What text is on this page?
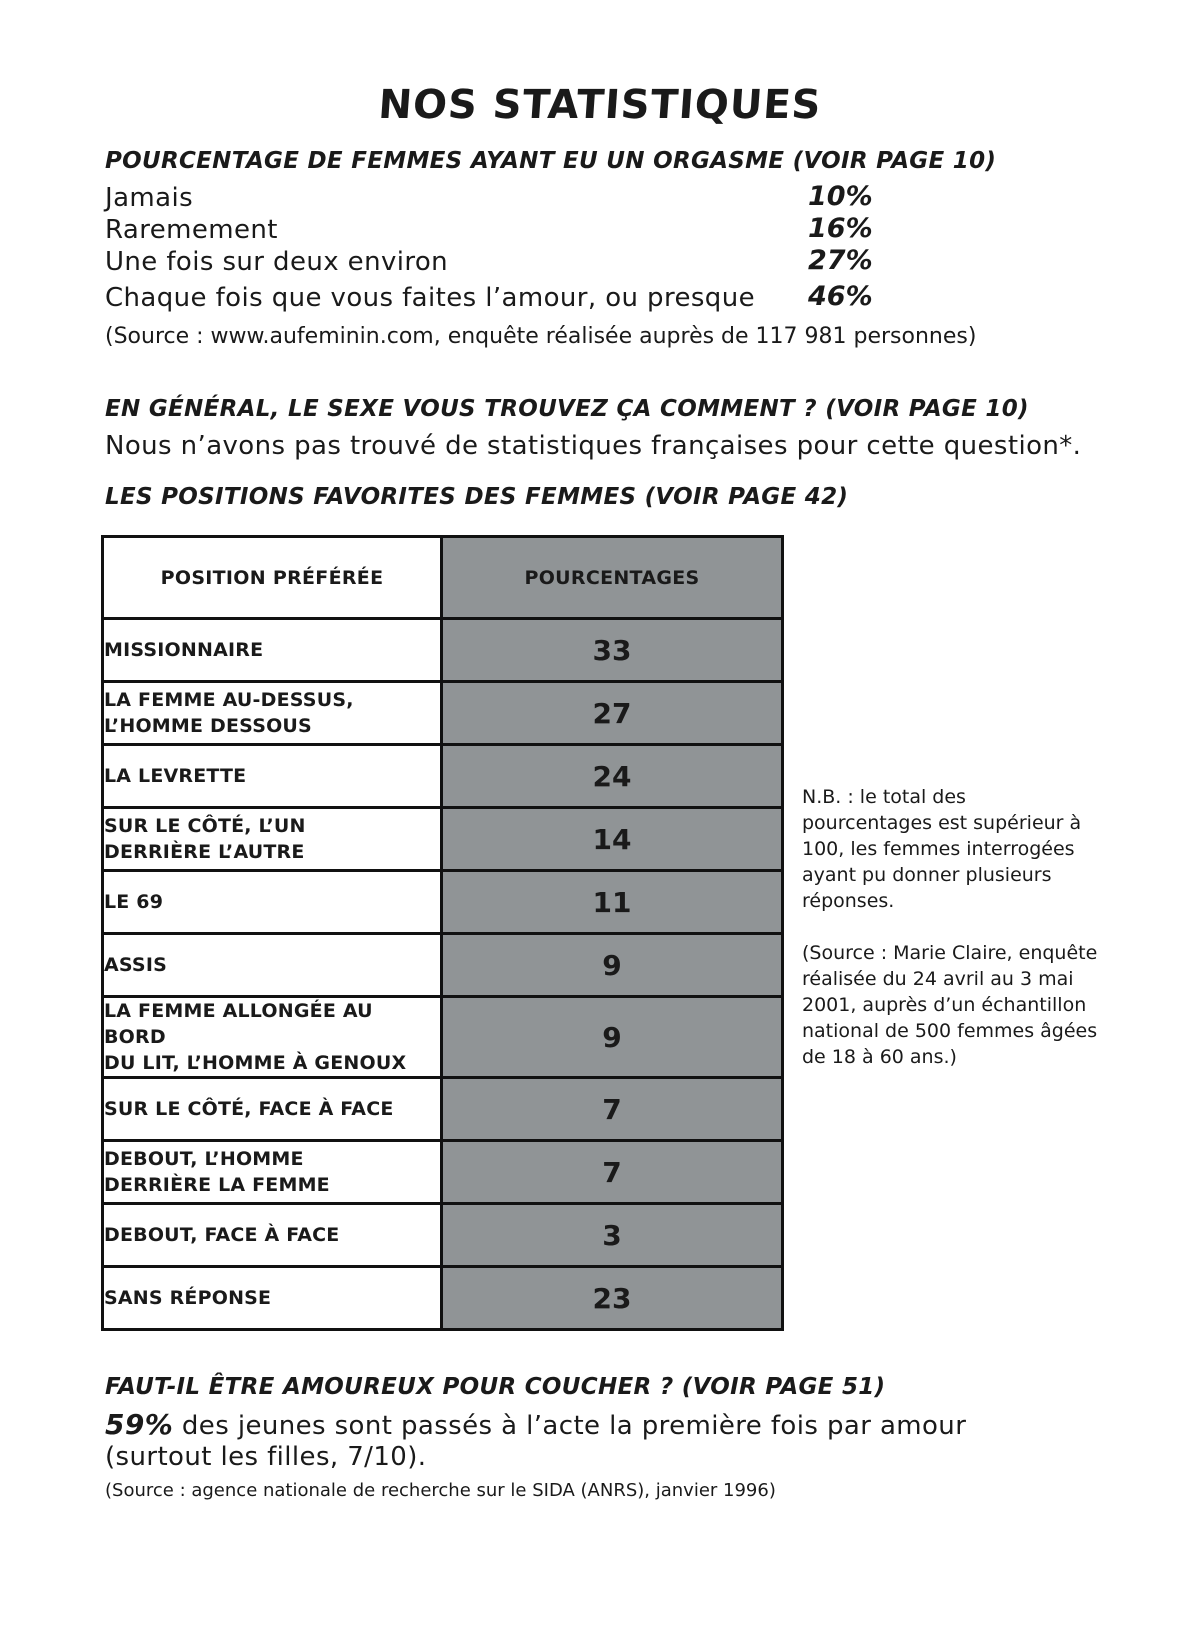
NOS STATISTIQUES
POURCENTAGE DE FEMMES AYANT EU UN ORGASME (VOIR PAGE 10)
Jamais	10%
Raremement	16%
Une fois sur deux environ	27%
Chaque fois que vous faites l’amour, ou presque 46%
(Source : www.aufeminin.com, enquête réalisée auprès de 117 981 personnes)
EN GÉNÉRAL, LE SEXE VOUS TROUVEZ ÇA COMMENT ? (VOIR PAGE 10)
Nous n’avons pas trouvé de statistiques françaises pour cette question*.
LES POSITIONS FAVORITES DES FEMMES (VOIR PAGE 42)
POSITION PRÉFÉRÉE	POURCENTAGES
MISSIONNAIRE	33
LA FEMME AU-DESSUS,
L’HOMME DESSOUS	27
LA LEVRETTE	24
SUR LE CÔTÉ, L’UN
DERRIÈRE L’AUTRE	14
LE 69	11
ASSIS	9
LA FEMME ALLONGÉE AU BORD
DU LIT, L’HOMME À GENOUX	9
SUR LE CÔTÉ, FACE À FACE	7
DEBOUT, L’HOMME
DERRIÈRE LA FEMME	7
DEBOUT, FACE À FACE	3
SANS RÉPONSE	23
N.B. : le total des pourcentages est supérieur à 100, les femmes interrogées ayant pu donner plusieurs réponses.
(Source : Marie Claire, enquête réalisée du 24 avril au 3 mai 2001, auprès d’un échantillon national de 500 femmes âgées de 18 à 60 ans.)
FAUT-IL ÊTRE AMOUREUX POUR COUCHER ? (VOIR PAGE 51)
59% des jeunes sont passés à l’acte la première fois par amour
(surtout les filles, 7/10).
(Source : agence nationale de recherche sur le SIDA (ANRS), janvier 1996)
